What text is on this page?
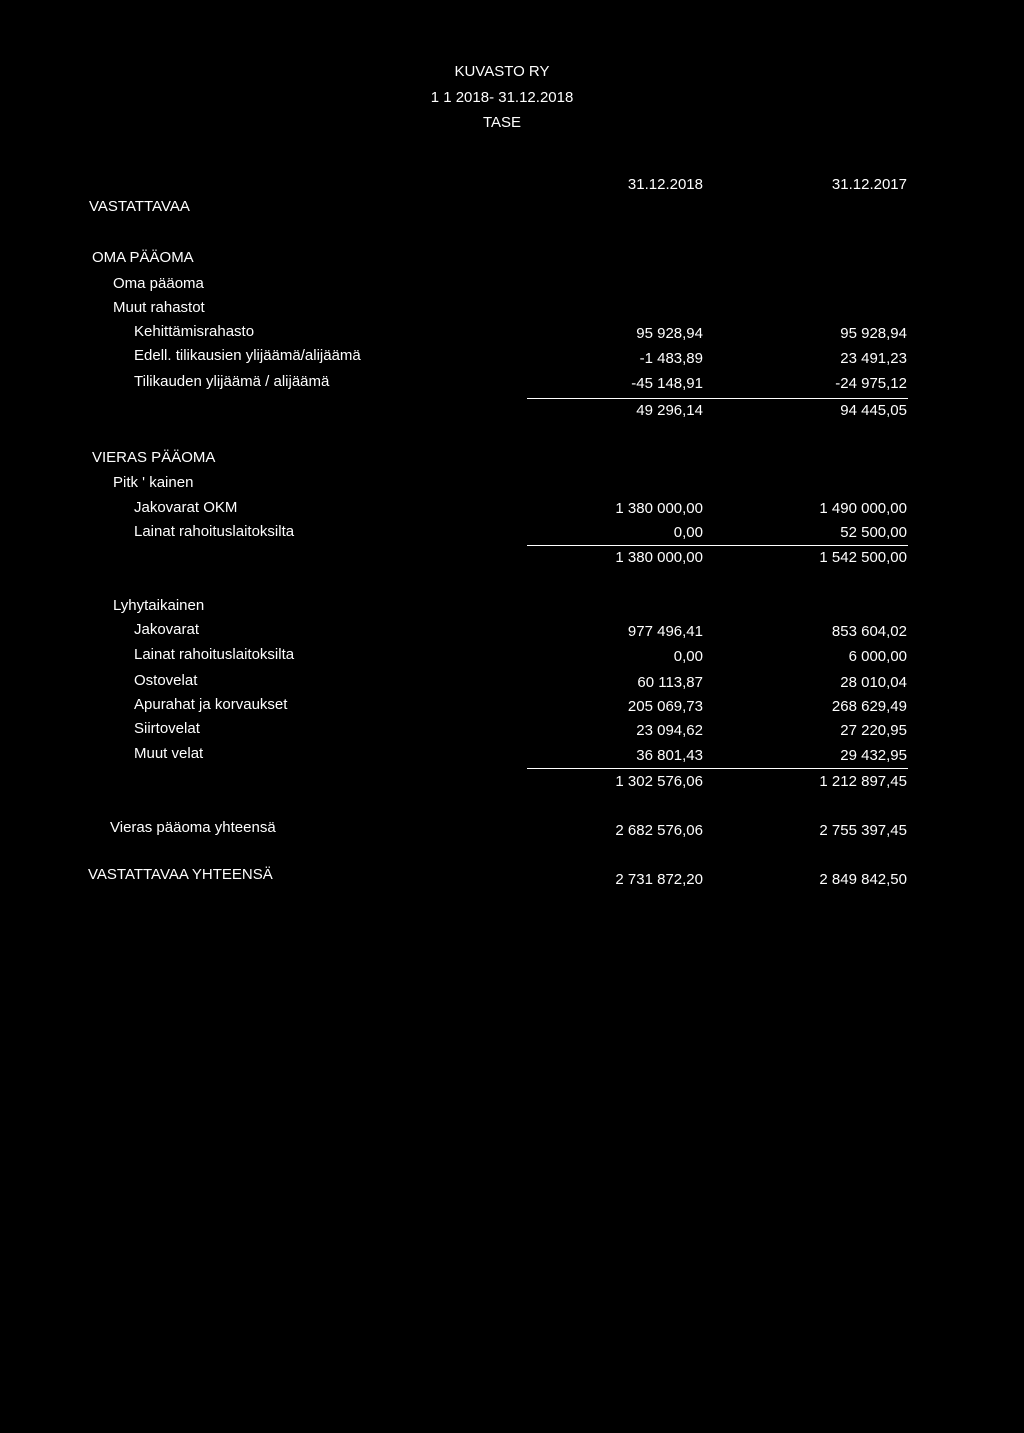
KUVASTO RY
1 1 2018- 31.12.2018
TASE
VASTATTAVAA
31.12.2018	31.12.2017
OMA PÄÄOMA
Oma pääoma
Muut rahastot
Kehittämisrahasto	95 928,94	95 928,94
Edell. tilikausien ylijäämä/alijäämä	-1 483,89	23 491,23
Tilikauden ylijäämä / alijäämä	-45 148,91	-24 975,12
49 296,14	94 445,05
VIERAS PÄÄOMA
Pitk ' kainen
Jakovarat OKM	1 380 000,00	1 490 000,00
Lainat rahoituslaitoksilta	0,00	52 500,00
1 380 000,00	1 542 500,00
Lyhytaikainen
Jakovarat	977 496,41	853 604,02
Lainat rahoituslaitoksilta	0,00	6 000,00
Ostovelat	60 113,87	28 010,04
Apurahat ja korvaukset	205 069,73	268 629,49
Siirtovelat	23 094,62	27 220,95
Muut velat	36 801,43	29 432,95
1 302 576,06	1 212 897,45
Vieras pääoma yhteensä	2 682 576,06	2 755 397,45
VASTATTAVAA YHTEENSÄ	2 731 872,20	2 849 842,50
